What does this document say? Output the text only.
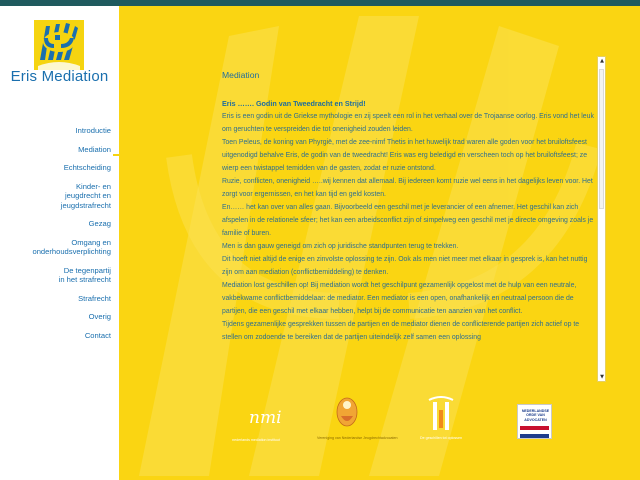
Eris Mediation
Introductie
Mediation
Echtscheiding
Kinder- en jeugdrecht en jeugdstrafrecht
Gezag
Omgang en onderhoudsverplichting
De tegenpartij in het strafrecht
Strafrecht
Overig
Contact
Mediation
Eris ……. Godin van Tweedracht en Strijd!

Eris is een godin uit de Griekse mythologie en zij speelt een rol in het verhaal over de Trojaanse oorlog. Eris vond het leuk om geruchten te verspreiden die tot onenigheid zouden leiden.

Toen Peleus, de koning van Phyrgië, met de zee-nimf Thetis in het huwelijk trad waren alle goden voor het bruiloftsfeest uitgenodigd behalve Eris, de godin van de tweedracht! Eris was erg beledigd en verscheen toch op het bruiloftsfeest; ze wierp een twistappel temidden van de gasten, zodat er ruzie ontstond.

Ruzie, conflicten, onenigheid …..wij kennen dat allemaal. Bij iedereen komt ruzie wel eens in het dagelijks leven voor. Het zorgt voor ergernissen, en het kan tijd en geld kosten.

En…… het kan over van alles gaan. Bijvoorbeeld een geschil met je leverancier of een afnemer. Het geschil kan zich afspelen in de relationele sfeer; het kan een arbeidsconflict zijn of simpelweg een geschil met je directe omgeving zoals je familie of buren.

Men is dan gauw geneigd om zich op juridische standpunten terug te trekken.

Dit hoeft niet altijd de enige en zinvolste oplossing te zijn. Ook als men niet meer met elkaar in gesprek is, kan het nuttig zijn om aan mediation (conflictbemiddeling) te denken.

Mediation lost geschillen op! Bij mediation wordt het geschilpunt gezamenlijk opgelost met de hulp van een neutrale, vakbekwame conflictbemiddelaar: de mediator. Een mediator is een open, onafhankelijk en neutraal persoon die de partijen, die een geschil met elkaar hebben, helpt bij de communicatie ten aanzien van het conflict.

Tijdens gezamenlijke gesprekken tussen de partijen en de mediator dienen de conflicterende partijen zich actief op te stellen om zodoende te bereiken dat de partijen uiteindelijk zelf samen een oplossing

▲
▼
nmi
nederlands mediation instituut	Vereniging van Nederlandse Jeugdrechtadvocaten	De geschillen tot oplossen
NEDERLANDSE ORDE VAN ADVOCATEN
